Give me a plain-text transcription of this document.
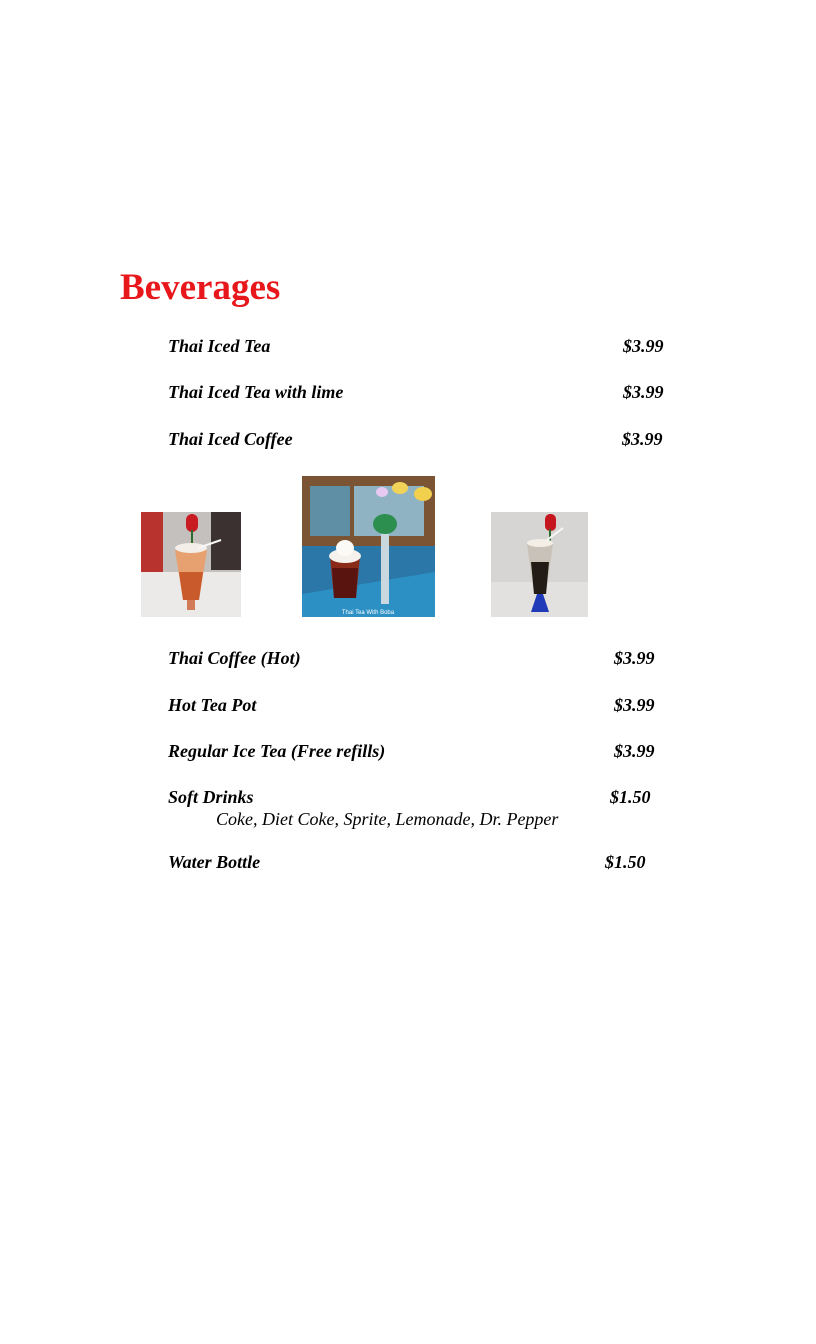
Beverages
Thai Iced Tea	$3.99
Thai Iced Tea with lime	$3.99
Thai Iced Coffee	$3.99
Thai Tea With Boba
Thai Coffee (Hot)	$3.99
Hot Tea Pot	$3.99
Regular Ice Tea (Free refills)	$3.99
Soft Drinks	$1.50
Coke, Diet Coke, Sprite, Lemonade, Dr. Pepper
Water Bottle	$1.50
